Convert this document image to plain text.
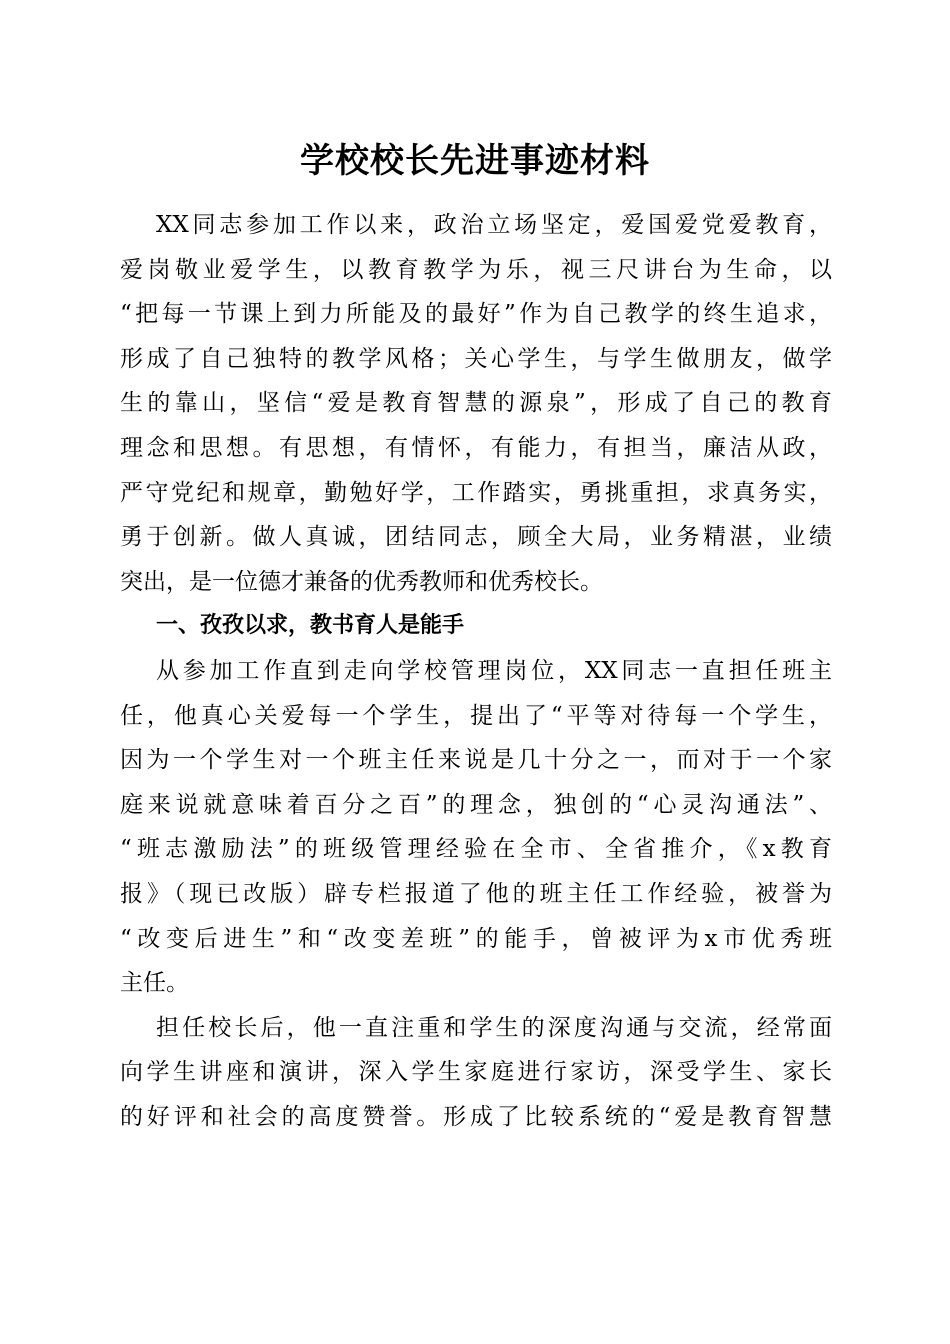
学校校长先进事迹材料
XX同志参加工作以来，政治立场坚定，爱国爱党爱教育，
爱岗敬业爱学生，以教育教学为乐，视三尺讲台为生命，以
“把每一节课上到力所能及的最好”作为自己教学的终生追求，
形成了自己独特的教学风格；关心学生，与学生做朋友，做学
生的靠山，坚信“爱是教育智慧的源泉”，形成了自己的教育
理念和思想。有思想，有情怀，有能力，有担当，廉洁从政，
严守党纪和规章，勤勉好学，工作踏实，勇挑重担，求真务实，
勇于创新。做人真诚，团结同志，顾全大局，业务精湛，业绩
突出，是一位德才兼备的优秀教师和优秀校长。
一、孜孜以求，教书育人是能手
从参加工作直到走向学校管理岗位，XX同志一直担任班主
任，他真心关爱每一个学生，提出了“平等对待每一个学生，
因为一个学生对一个班主任来说是几十分之一，而对于一个家
庭来说就意味着百分之百”的理念，独创的“心灵沟通法”、
“班志激励法”的班级管理经验在全市、全省推介，《x教育
报》（现已改版）辟专栏报道了他的班主任工作经验，被誉为
“改变后进生”和“改变差班”的能手，曾被评为x市优秀班
主任。
担任校长后，他一直注重和学生的深度沟通与交流，经常面
向学生讲座和演讲，深入学生家庭进行家访，深受学生、家长
的好评和社会的高度赞誉。形成了比较系统的“爱是教育智慧
